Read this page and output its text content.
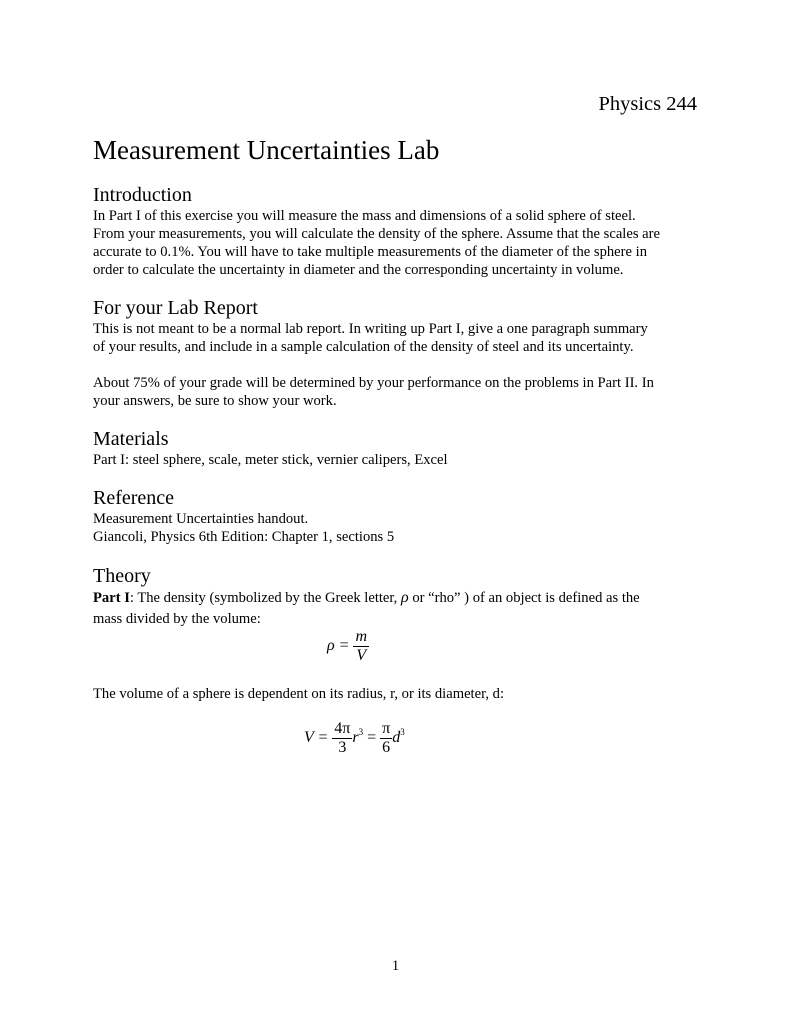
Physics 244
Measurement Uncertainties Lab
Introduction

In Part I of this exercise you will measure the mass and dimensions of a solid sphere of steel.

From your measurements, you will calculate the density of the sphere. Assume that the scales are

accurate to 0.1%. You will have to take multiple measurements of the diameter of the sphere in

order to calculate the uncertainty in diameter and the corresponding uncertainty in volume.

For your Lab Report

This is not meant to be a normal lab report. In writing up Part I, give a one paragraph summary

of your results, and include in a sample calculation of the density of steel and its uncertainty.

About 75% of your grade will be determined by your performance on the problems in Part II. In

your answers, be sure to show your work.

Materials

Part I: steel sphere, scale, meter stick, vernier calipers, Excel

Reference

Measurement Uncertainties handout.

Giancoli, Physics 6th Edition: Chapter 1, sections 5

Theory

Part I: The density (symbolized by the Greek letter, ρ or “rho” ) of an object is defined as the

mass divided by the volume:

$\rho = \frac{m}{V}$

The volume of a sphere is dependent on its radius, r, or its diameter, d:

$V = \frac{4\pi}{3} r^3 = \frac{\pi}{6} d^3$
1
